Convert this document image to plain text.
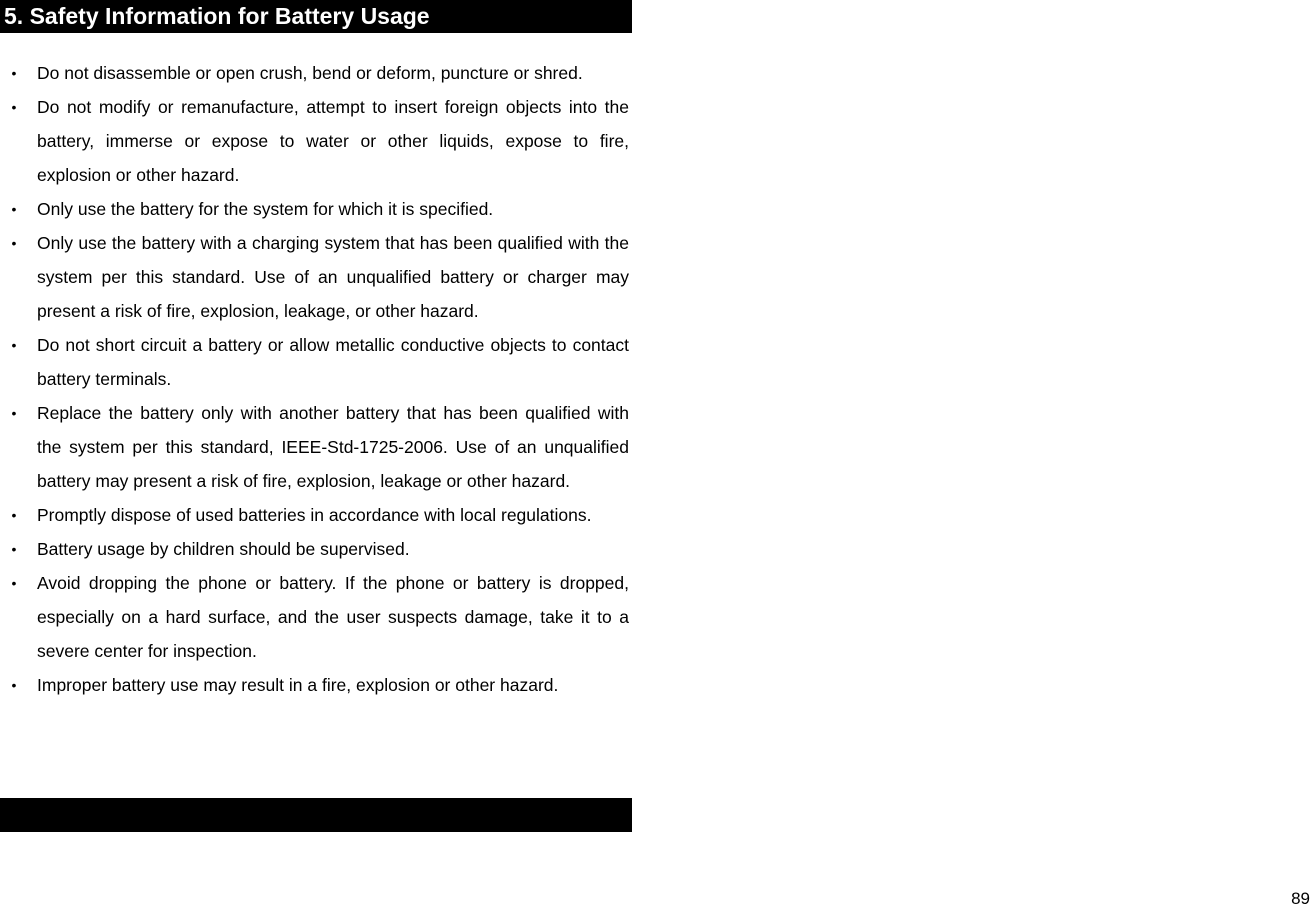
5. Safety Information for Battery Usage
• Do not disassemble or open crush, bend or deform, puncture or shred.
• Do not modify or remanufacture, attempt to insert foreign objects into the battery, immerse or expose to water or other liquids, expose to fire, explosion or other hazard.
• Only use the battery for the system for which it is specified.
• Only use the battery with a charging system that has been qualified with the system per this standard. Use of an unqualified battery or charger may present a risk of fire, explosion, leakage, or other hazard.
• Do not short circuit a battery or allow metallic conductive objects to contact battery terminals.
• Replace the battery only with another battery that has been qualified with the system per this standard, IEEE-Std-1725-2006. Use of an unqualified battery may present a risk of fire, explosion, leakage or other hazard.
• Promptly dispose of used batteries in accordance with local regulations.
• Battery usage by children should be supervised.
• Avoid dropping the phone or battery. If the phone or battery is dropped, especially on a hard surface, and the user suspects damage, take it to a severe center for inspection.
• Improper battery use may result in a fire, explosion or other hazard.
89
